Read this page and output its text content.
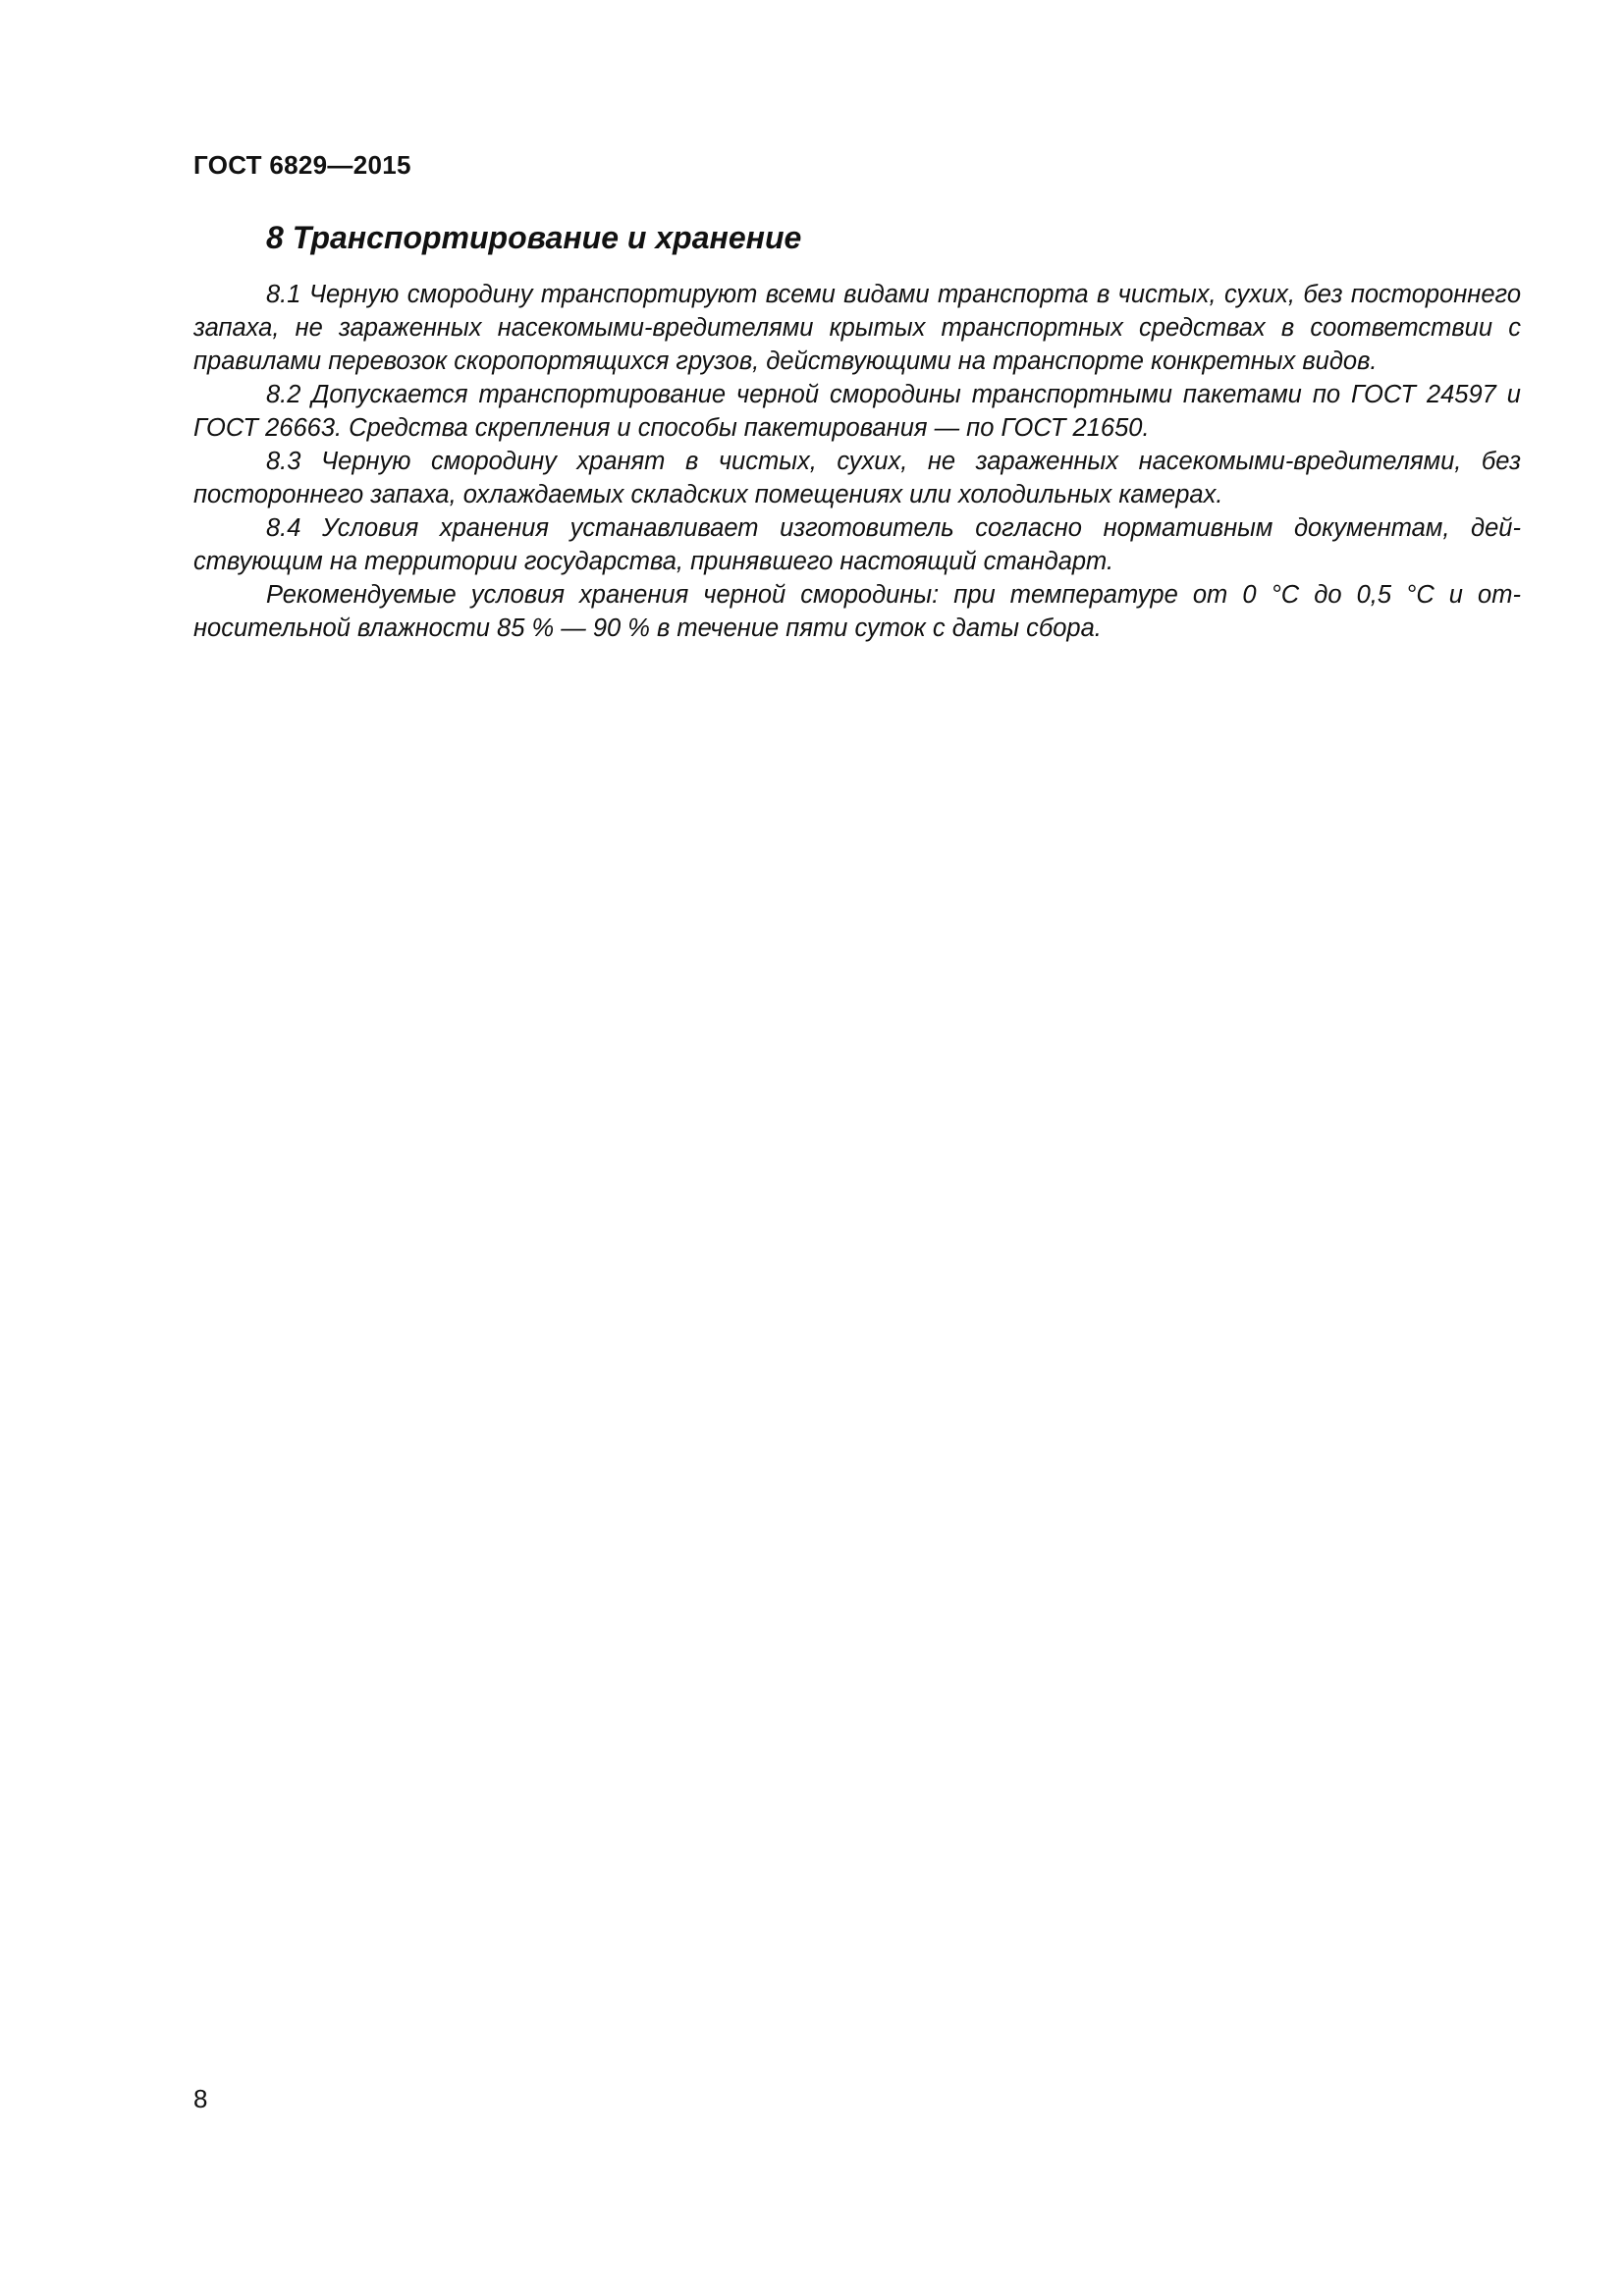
ГОСТ 6829—2015
8 Транспортирование и хранение

8.1 Черную смородину транспортируют всеми видами транспорта в чистых, сухих, без постороннего запаха, не зараженных насекомыми-вредителями крытых транспортных средствах в соответствии с правилами перевозок скоропортящихся грузов, действующими на транспорте конкретных видов.

8.2 Допускается транспортирование черной смородины транспортными пакетами по ГОСТ 24597 и ГОСТ 26663. Средства скрепления и способы пакетирования — по ГОСТ 21650.

8.3 Черную смородину хранят в чистых, сухих, не зараженных насекомыми-вредителями, без постороннего запаха, охлаждаемых складских помещениях или холодильных камерах.

8.4 Условия хранения устанавливает изготовитель согласно нормативным документам, действующим на территории государства, принявшего настоящий стандарт.

Рекомендуемые условия хранения черной смородины: при температуре от 0 °С до 0,5 °С и относительной влажности 85 % — 90 % в течение пяти суток с даты сбора.

8
